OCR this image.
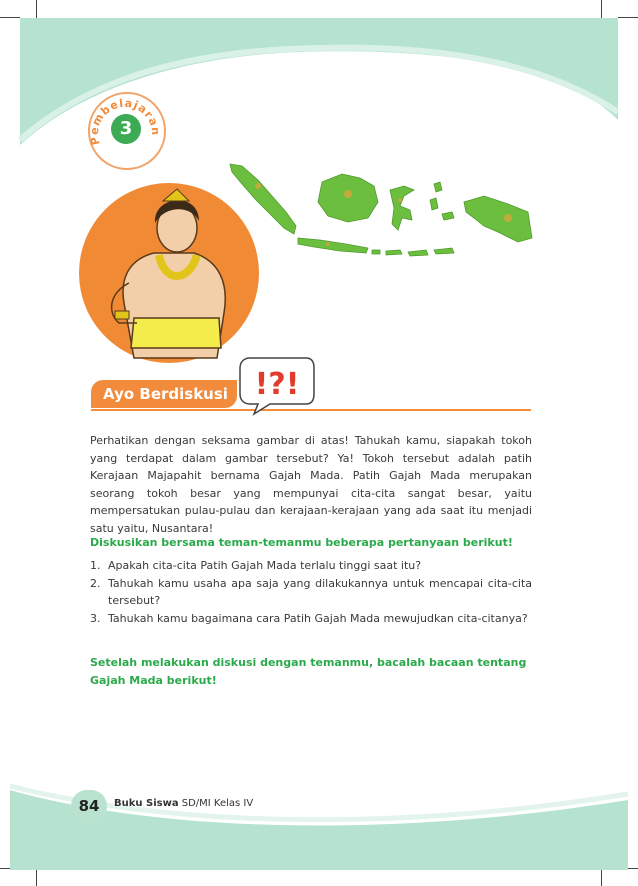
Pembelajaran
3
Ayo Berdiskusi !?!
Perhatikan dengan seksama gambar di atas! Tahukah kamu, siapakah tokoh yang terdapat dalam gambar tersebut? Ya! Tokoh tersebut adalah patih Kerajaan Majapahit bernama Gajah Mada. Patih Gajah Mada merupakan seorang tokoh besar yang mempunyai cita-cita sangat besar, yaitu mempersatukan pulau-pulau dan kerajaan-kerajaan yang ada saat itu menjadi satu yaitu, Nusantara!
Diskusikan bersama teman-temanmu beberapa pertanyaan berikut!
1. Apakah cita-cita Patih Gajah Mada terlalu tinggi saat itu?
2. Tahukah kamu usaha apa saja yang dilakukannya untuk mencapai cita-cita tersebut?
3. Tahukah kamu bagaimana cara Patih Gajah Mada mewujudkan cita-citanya?
Setelah melakukan diskusi dengan temanmu, bacalah bacaan tentang Gajah Mada berikut!
84	Buku Siswa SD/MI Kelas IV
